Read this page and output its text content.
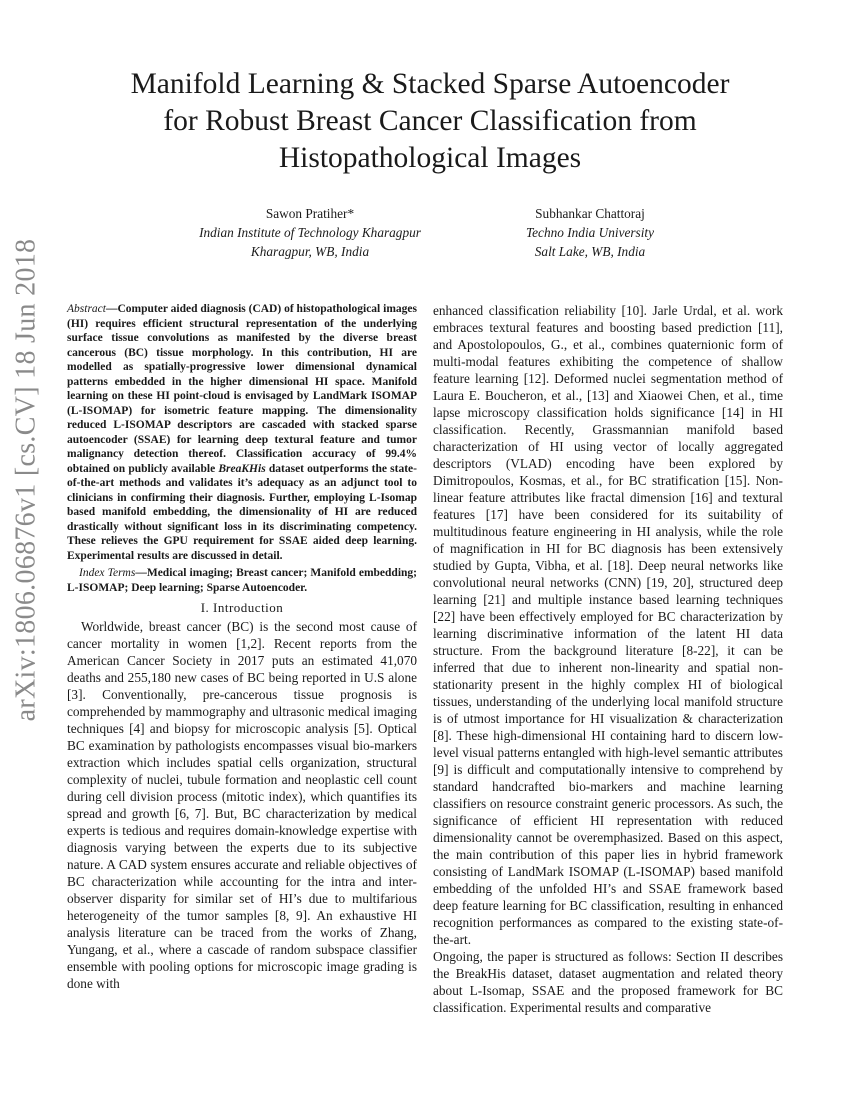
arXiv:1806.06876v1 [cs.CV] 18 Jun 2018
Manifold Learning & Stacked Sparse Autoencoder
for Robust Breast Cancer Classification from
Histopathological Images
Sawon Pratiher*
Indian Institute of Technology Kharagpur
Kharagpur, WB, India
Subhankar Chattoraj
Techno India University
Salt Lake, WB, India

Abstract—Computer aided diagnosis (CAD) of histopathological images (HI) requires efficient structural representation of the underlying surface tissue convolutions as manifested by the diverse breast cancerous (BC) tissue morphology. In this contribution, HI are modelled as spatially-progressive lower dimensional dynamical patterns embedded in the higher dimensional HI space. Manifold learning on these HI point-cloud is envisaged by LandMark ISOMAP (L-ISOMAP) for isometric feature mapping. The dimensionality reduced L-ISOMAP descriptors are cascaded with stacked sparse autoencoder (SSAE) for learning deep textural feature and tumor malignancy detection thereof. Classification accuracy of 99.4% obtained on publicly available BreaKHis dataset outperforms the state-of-the-art methods and validates it’s adequacy as an adjunct tool to clinicians in confirming their diagnosis. Further, employing L-Isomap based manifold embedding, the dimensionality of HI are reduced drastically without significant loss in its discriminating competency. These relieves the GPU requirement for SSAE aided deep learning. Experimental results are discussed in detail.

Index Terms—Medical imaging; Breast cancer; Manifold embedding; L-ISOMAP; Deep learning; Sparse Autoencoder.

I. Introduction

Worldwide, breast cancer (BC) is the second most cause of cancer mortality in women [1,2]. Recent reports from the American Cancer Society in 2017 puts an estimated 41,070 deaths and 255,180 new cases of BC being reported in U.S alone [3]. Conventionally, pre-cancerous tissue prognosis is comprehended by mammography and ultrasonic medical imaging techniques [4] and biopsy for microscopic analysis [5]. Optical BC examination by pathologists encompasses visual bio-markers extraction which includes spatial cells organization, structural complexity of nuclei, tubule formation and neoplastic cell count during cell division process (mitotic index), which quantifies its spread and growth [6, 7]. But, BC characterization by medical experts is tedious and requires domain-knowledge expertise with diagnosis varying between the experts due to its subjective nature. A CAD system ensures accurate and reliable objectives of BC characterization while accounting for the intra and inter-observer disparity for similar set of HI’s due to multifarious heterogeneity of the tumor samples [8, 9]. An exhaustive HI analysis literature can be traced from the works of Zhang, Yungang, et al., where a cascade of random subspace classifier ensemble with pooling options for microscopic image grading is done with

enhanced classification reliability [10]. Jarle Urdal, et al. work embraces textural features and boosting based prediction [11], and Apostolopoulos, G., et al., combines quaternionic form of multi-modal features exhibiting the competence of shallow feature learning [12]. Deformed nuclei segmentation method of Laura E. Boucheron, et al., [13] and Xiaowei Chen, et al., time lapse microscopy classification holds significance [14] in HI classification. Recently, Grassmannian manifold based characterization of HI using vector of locally aggregated descriptors (VLAD) encoding have been explored by Dimitropoulos, Kosmas, et al., for BC stratification [15]. Non-linear feature attributes like fractal dimension [16] and textural features [17] have been considered for its suitability of multitudinous feature engineering in HI analysis, while the role of magnification in HI for BC diagnosis has been extensively studied by Gupta, Vibha, et al. [18]. Deep neural networks like convolutional neural networks (CNN) [19, 20], structured deep learning [21] and multiple instance based learning techniques [22] have been effectively employed for BC characterization by learning discriminative information of the latent HI data structure. From the background literature [8-22], it can be inferred that due to inherent non-linearity and spatial non-stationarity present in the highly complex HI of biological tissues, understanding of the underlying local manifold structure is of utmost importance for HI visualization & characterization [8]. These high-dimensional HI containing hard to discern low-level visual patterns entangled with high-level semantic attributes [9] is difficult and computationally intensive to comprehend by standard handcrafted bio-markers and machine learning classifiers on resource constraint generic processors. As such, the significance of efficient HI representation with reduced dimensionality cannot be overemphasized. Based on this aspect, the main contribution of this paper lies in hybrid framework consisting of LandMark ISOMAP (L-ISOMAP) based manifold embedding of the unfolded HI’s and SSAE framework based deep feature learning for BC classification, resulting in enhanced recognition performances as compared to the existing state-of-the-art.

Ongoing, the paper is structured as follows: Section II describes the BreakHis dataset, dataset augmentation and related theory about L-Isomap, SSAE and the proposed framework for BC classification. Experimental results and comparative
